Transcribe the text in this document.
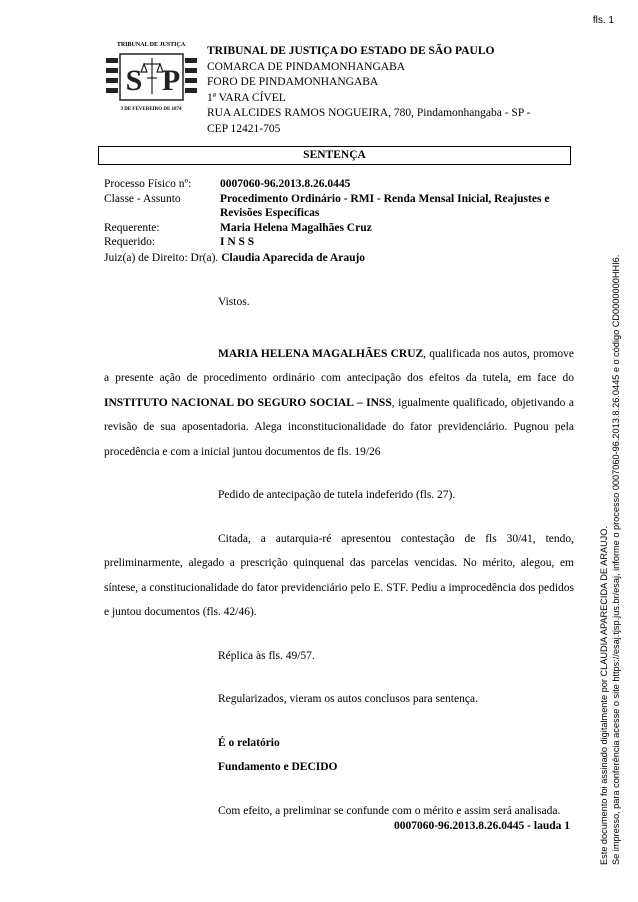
fls. 1
TRIBUNAL DE JUSTIÇA
S P
3 DE FEVEREIRO DE 1874
TRIBUNAL DE JUSTIÇA DO ESTADO DE SÃO PAULO
COMARCA DE PINDAMONHANGABA
FORO DE PINDAMONHANGABA
1ª VARA CÍVEL
RUA ALCIDES RAMOS NOGUEIRA, 780, Pindamonhangaba - SP -
CEP 12421-705
SENTENÇA
Processo Físico nº:	0007060-96.2013.8.26.0445
Classe - Assunto	Procedimento Ordinário - RMI - Renda Mensal Inicial, Reajustes e Revisões Específicas
Requerente:	Maria Helena Magalhães Cruz
Requerido:	I N S S
Juiz(a) de Direito: Dr(a). Claudia Aparecida de Araujo

Vistos.

MARIA HELENA MAGALHÃES CRUZ, qualificada nos autos, promove a presente ação de procedimento ordinário com antecipação dos efeitos da tutela, em face do INSTITUTO NACIONAL DO SEGURO SOCIAL – INSS, igualmente qualificado, objetivando a revisão de sua aposentadoria. Alega inconstitucionalidade do fator previdenciário. Pugnou pela procedência e com a inicial juntou documentos de fls. 19/26

Pedido de antecipação de tutela indeferido (fls. 27).

Citada, a autarquia-ré apresentou contestação de fls 30/41, tendo, preliminarmente, alegado a prescrição quinquenal das parcelas vencidas. No mérito, alegou, em síntese, a constitucionalidade do fator previdenciário pelo E. STF. Pediu a improcedência dos pedidos e juntou documentos (fls. 42/46).

Réplica às fls. 49/57.

Regularizados, vieram os autos conclusos para sentença.

É o relatório

Fundamento e DECIDO

Com efeito, a preliminar se confunde com o mérito e assim será analisada.

0007060-96.2013.8.26.0445 - lauda 1	Este documento foi assinado digitalmente por CLAUDIA APARECIDA DE ARAUJO. Se impresso, para conferência acesse o site https://esaj.tjsp.jus.br/esaj, informe o processo 0007060-96.2013.8.26.0445 e o código CD0000000HHI6.
